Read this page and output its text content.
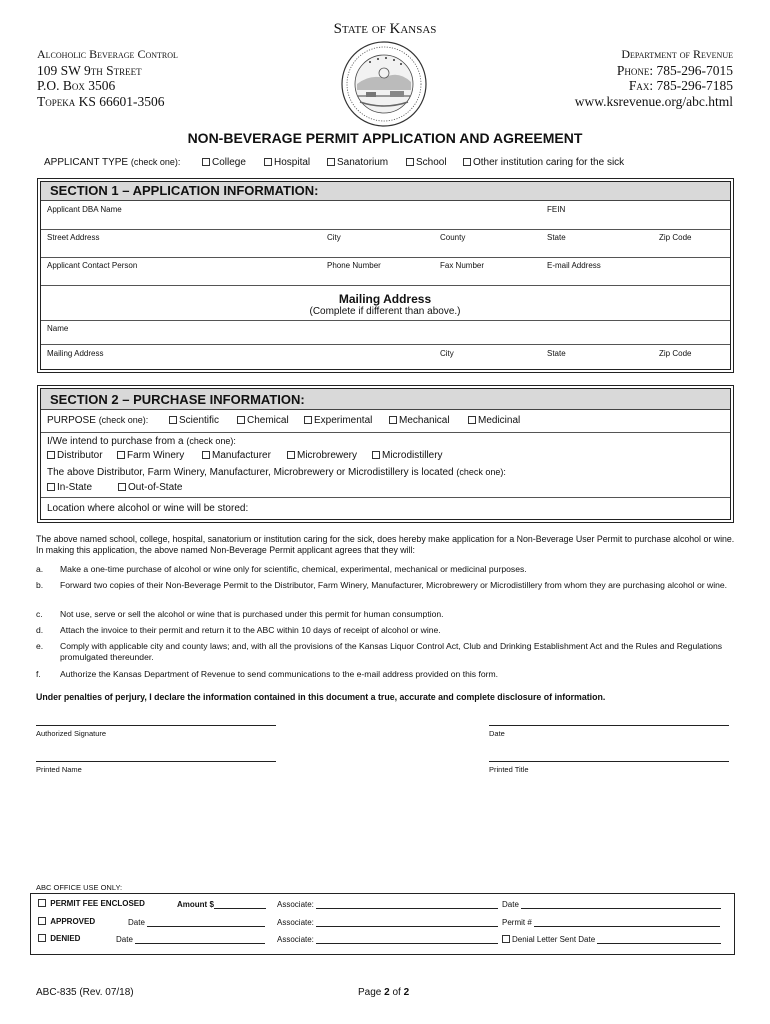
State of Kansas
Alcoholic Beverage Control
109 SW 9th Street
P.O. Box 3506
Topeka KS 66601-3506
Department of Revenue
Phone: 785-296-7015
Fax: 785-296-7185
www.ksrevenue.org/abc.html
NON-BEVERAGE PERMIT APPLICATION AND AGREEMENT
APPLICANT TYPE (check one):	College	Hospital	Sanatorium	School	Other institution caring for the sick
SECTION 1 – APPLICATION INFORMATION:
Applicant DBA Name	FEIN
Street Address	City	County	State	Zip Code
Applicant Contact Person	Phone Number	Fax Number	E-mail Address
Mailing Address
(Complete if different than above.)
Name
Mailing Address	City	State	Zip Code
SECTION 2 – PURCHASE INFORMATION:
PURPOSE (check one):	Scientific	Chemical	Experimental	Mechanical	Medicinal
I/We intend to purchase from a (check one):
Distributor	Farm Winery	Manufacturer	Microbrewery	Microdistillery
The above Distributor, Farm Winery, Manufacturer, Microbrewery or Microdistillery is located (check one):
In-State	Out-of-State
Location where alcohol or wine will be stored:
The above named school, college, hospital, sanatorium or institution caring for the sick, does hereby make application for a Non-Beverage User Permit to purchase alcohol or wine. In making this application, the above named Non-Beverage Permit applicant agrees that they will:
a. Make a one-time purchase of alcohol or wine only for scientific, chemical, experimental, mechanical or medicinal purposes.
b. Forward two copies of their Non-Beverage Permit to the Distributor, Farm Winery, Manufacturer, Microbrewery or Microdistillery from whom they are purchasing alcohol or wine.
c. Not use, serve or sell the alcohol or wine that is purchased under this permit for human consumption.
d. Attach the invoice to their permit and return it to the ABC within 10 days of receipt of alcohol or wine.
e. Comply with applicable city and county laws; and, with all the provisions of the Kansas Liquor Control Act, Club and Drinking Establishment Act and the Rules and Regulations promulgated thereunder.
f. Authorize the Kansas Department of Revenue to send communications to the e-mail address provided on this form.
Under penalties of perjury, I declare the information contained in this document a true, accurate and complete disclosure of information.
Authorized Signature	Date
Printed Name	Printed Title
ABC OFFICE USE ONLY:
PERMIT FEE ENCLOSED	Amount $	Associate:	Date
APPROVED	Date	Associate:	Permit #
DENIED	Date	Associate:	Denial Letter Sent Date
ABC-835 (Rev. 07/18)	Page 2 of 2
